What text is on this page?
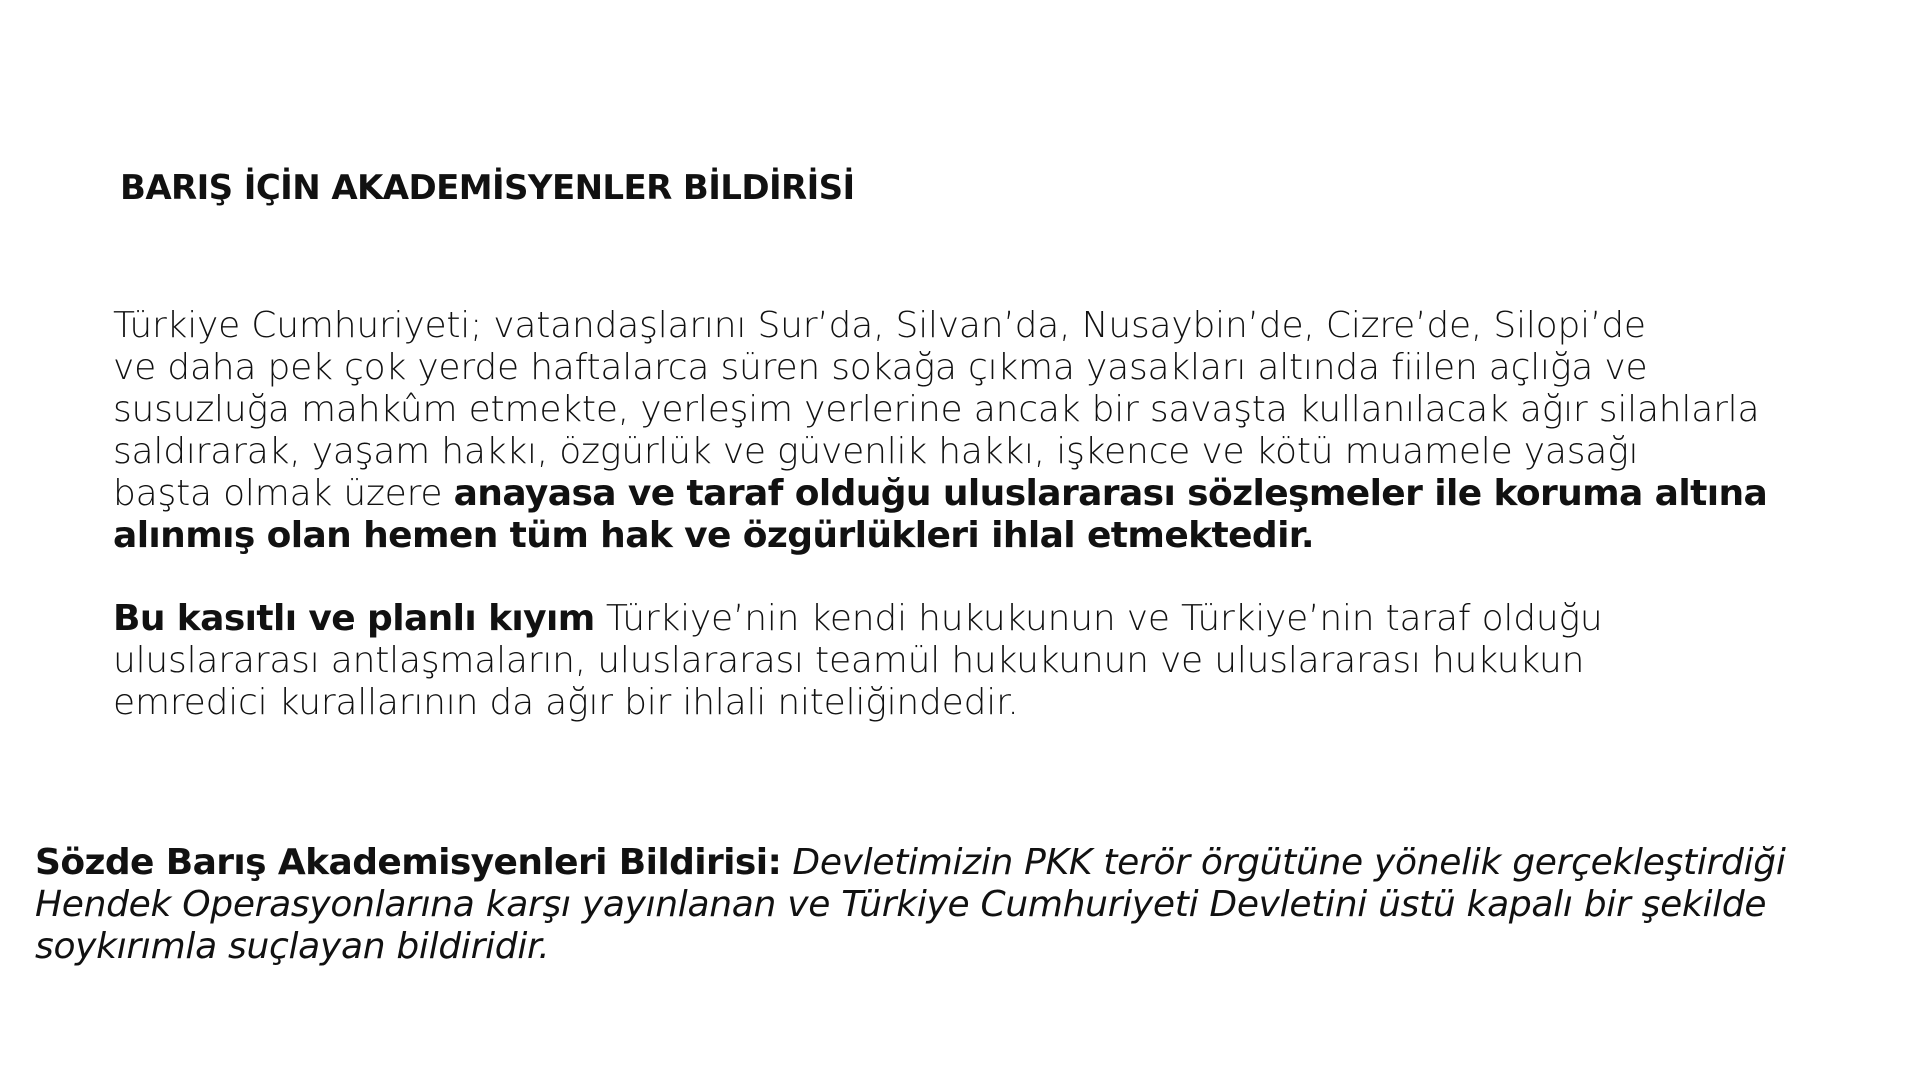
BARIŞ İÇİN AKADEMİSYENLER BİLDİRİSİ
Türkiye Cumhuriyeti; vatandaşlarını Sur’da, Silvan’da, Nusaybin’de, Cizre’de, Silopi’de
ve daha pek çok yerde haftalarca süren sokağa çıkma yasakları altında fiilen açlığa ve
susuzluğa mahkûm etmekte, yerleşim yerlerine ancak bir savaşta kullanılacak ağır silahlarla
saldırarak, yaşam hakkı, özgürlük ve güvenlik hakkı, işkence ve kötü muamele yasağı
başta olmak üzere anayasa ve taraf olduğu uluslararası sözleşmeler ile koruma altına
alınmış olan hemen tüm hak ve özgürlükleri ihlal etmektedir.
Bu kasıtlı ve planlı kıyım Türkiye’nin kendi hukukunun ve Türkiye’nin taraf olduğu
uluslararası antlaşmaların, uluslararası teamül hukukunun ve uluslararası hukukun
emredici kurallarının da ağır bir ihlali niteliğindedir.
Sözde Barış Akademisyenleri Bildirisi: Devletimizin PKK terör örgütüne yönelik gerçekleştirdiği
Hendek Operasyonlarına karşı yayınlanan ve Türkiye Cumhuriyeti Devletini üstü kapalı bir şekilde
soykırımla suçlayan bildiridir.
